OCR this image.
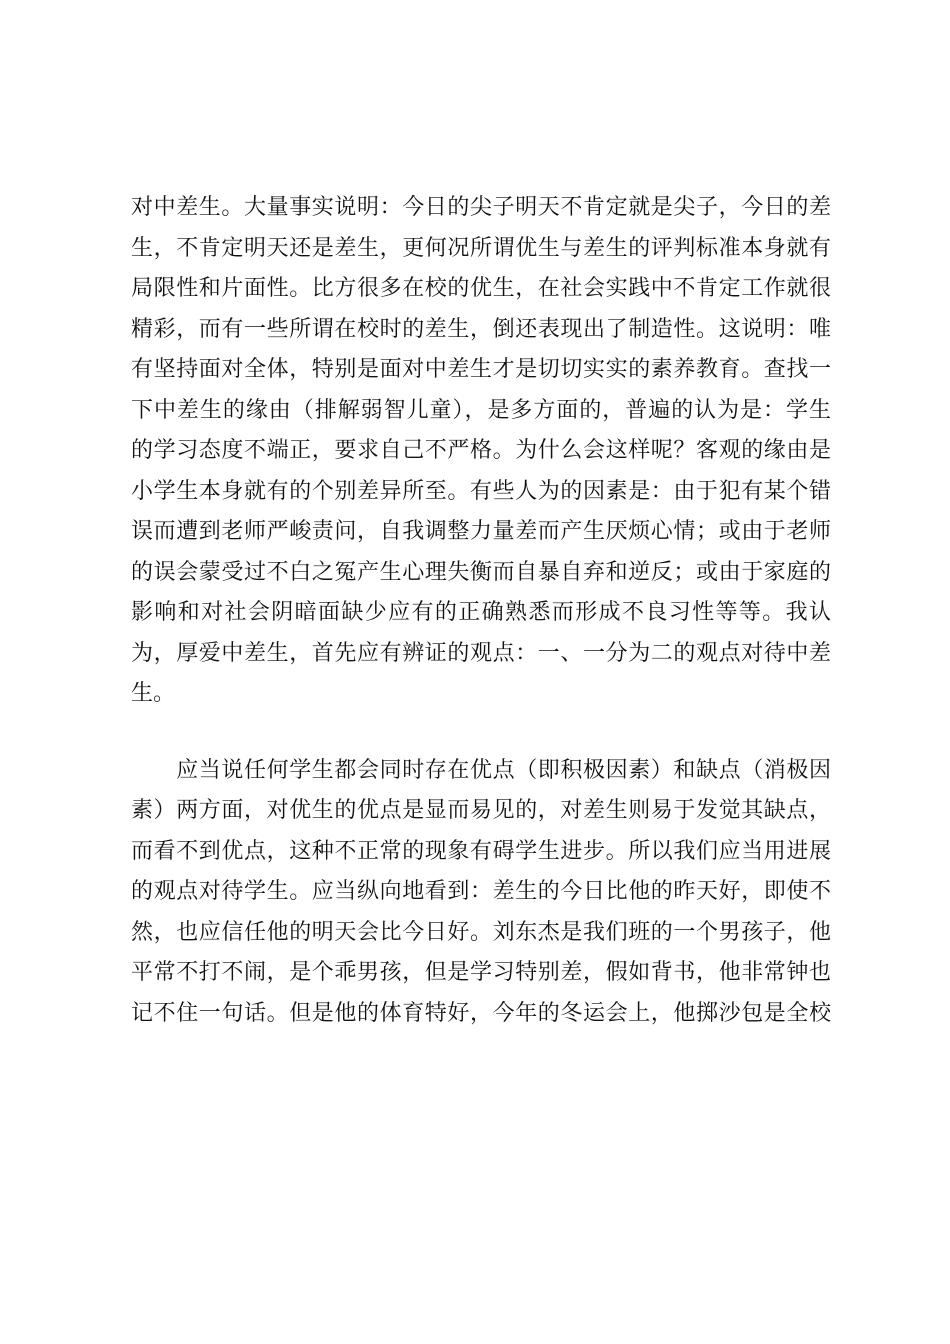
对中差生。大量事实说明：今日的尖子明天不肯定就是尖子，今日的差
生，不肯定明天还是差生，更何况所谓优生与差生的评判标准本身就有
局限性和片面性。比方很多在校的优生，在社会实践中不肯定工作就很
精彩，而有一些所谓在校时的差生，倒还表现出了制造性。这说明：唯
有坚持面对全体，特别是面对中差生才是切切实实的素养教育。查找一
下中差生的缘由（排解弱智儿童），是多方面的，普遍的认为是：学生
的学习态度不端正，要求自己不严格。为什么会这样呢？客观的缘由是
小学生本身就有的个别差异所至。有些人为的因素是：由于犯有某个错
误而遭到老师严峻责问，自我调整力量差而产生厌烦心情；或由于老师
的误会蒙受过不白之冤产生心理失衡而自暴自弃和逆反；或由于家庭的
影响和对社会阴暗面缺少应有的正确熟悉而形成不良习性等等。我认
为，厚爱中差生，首先应有辨证的观点：一、一分为二的观点对待中差
生。
　　应当说任何学生都会同时存在优点（即积极因素）和缺点（消极因
素）两方面，对优生的优点是显而易见的，对差生则易于发觉其缺点，
而看不到优点，这种不正常的现象有碍学生进步。所以我们应当用进展
的观点对待学生。应当纵向地看到：差生的今日比他的昨天好，即使不
然，也应信任他的明天会比今日好。刘东杰是我们班的一个男孩子，他
平常不打不闹，是个乖男孩，但是学习特别差，假如背书，他非常钟也
记不住一句话。但是他的体育特好，今年的冬运会上，他掷沙包是全校
